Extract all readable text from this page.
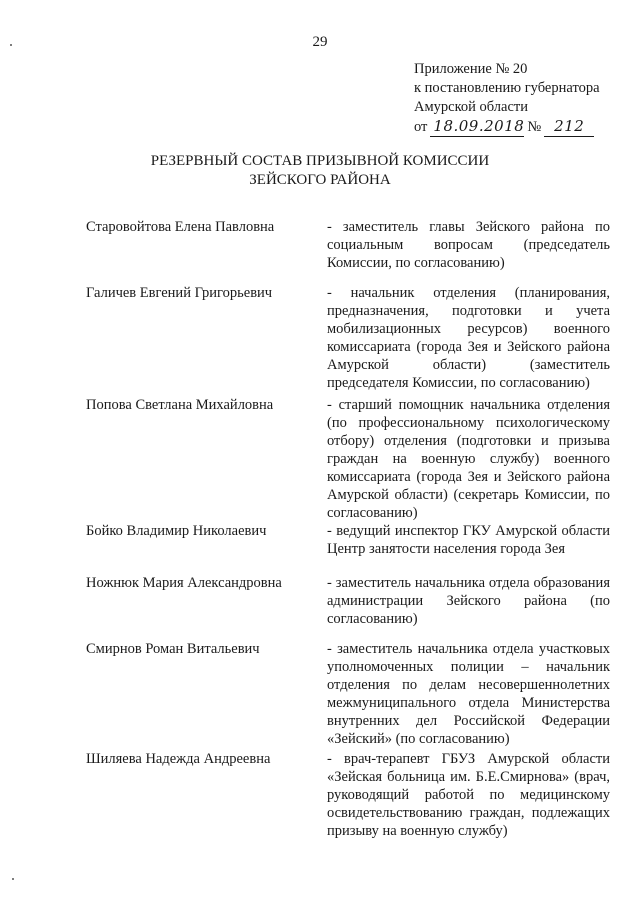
29
Приложение № 20
к постановлению губернатора
Амурской области
от 18.09.2018 № 212
РЕЗЕРВНЫЙ СОСТАВ ПРИЗЫВНОЙ КОМИССИИ
ЗЕЙСКОГО РАЙОНА
Старовойтова Елена Павловна	- заместитель главы Зейского района по социальным вопросам (председатель Комиссии, по согласованию)
Галичев Евгений Григорьевич	- начальник отделения (планирования, предназначения, подготовки и учета мобилизационных ресурсов) военного комиссариата (города Зея и Зейского района Амурской области) (заместитель председателя Комиссии, по согласованию)
Попова Светлана Михайловна	- старший помощник начальника отделения (по профессиональному психологическому отбору) отделения (подготовки и призыва граждан на военную службу) военного комиссариата (города Зея и Зейского района Амурской области) (секретарь Комиссии, по согласованию)
Бойко Владимир Николаевич	- ведущий инспектор ГКУ Амурской области Центр занятости населения города Зея
Ножнюк Мария Александровна	- заместитель начальника отдела образования администрации Зейского района (по согласованию)
Смирнов Роман Витальевич	- заместитель начальника отдела участковых уполномоченных полиции – начальник отделения по делам несовершеннолетних межмуниципального отдела Министерства внутренних дел Российской Федерации «Зейский» (по согласованию)
Шиляева Надежда Андреевна	- врач-терапевт ГБУЗ Амурской области «Зейская больница им. Б.Е.Смирнова» (врач, руководящий работой по медицинскому освидетельствованию граждан, подлежащих призыву на военную службу)
